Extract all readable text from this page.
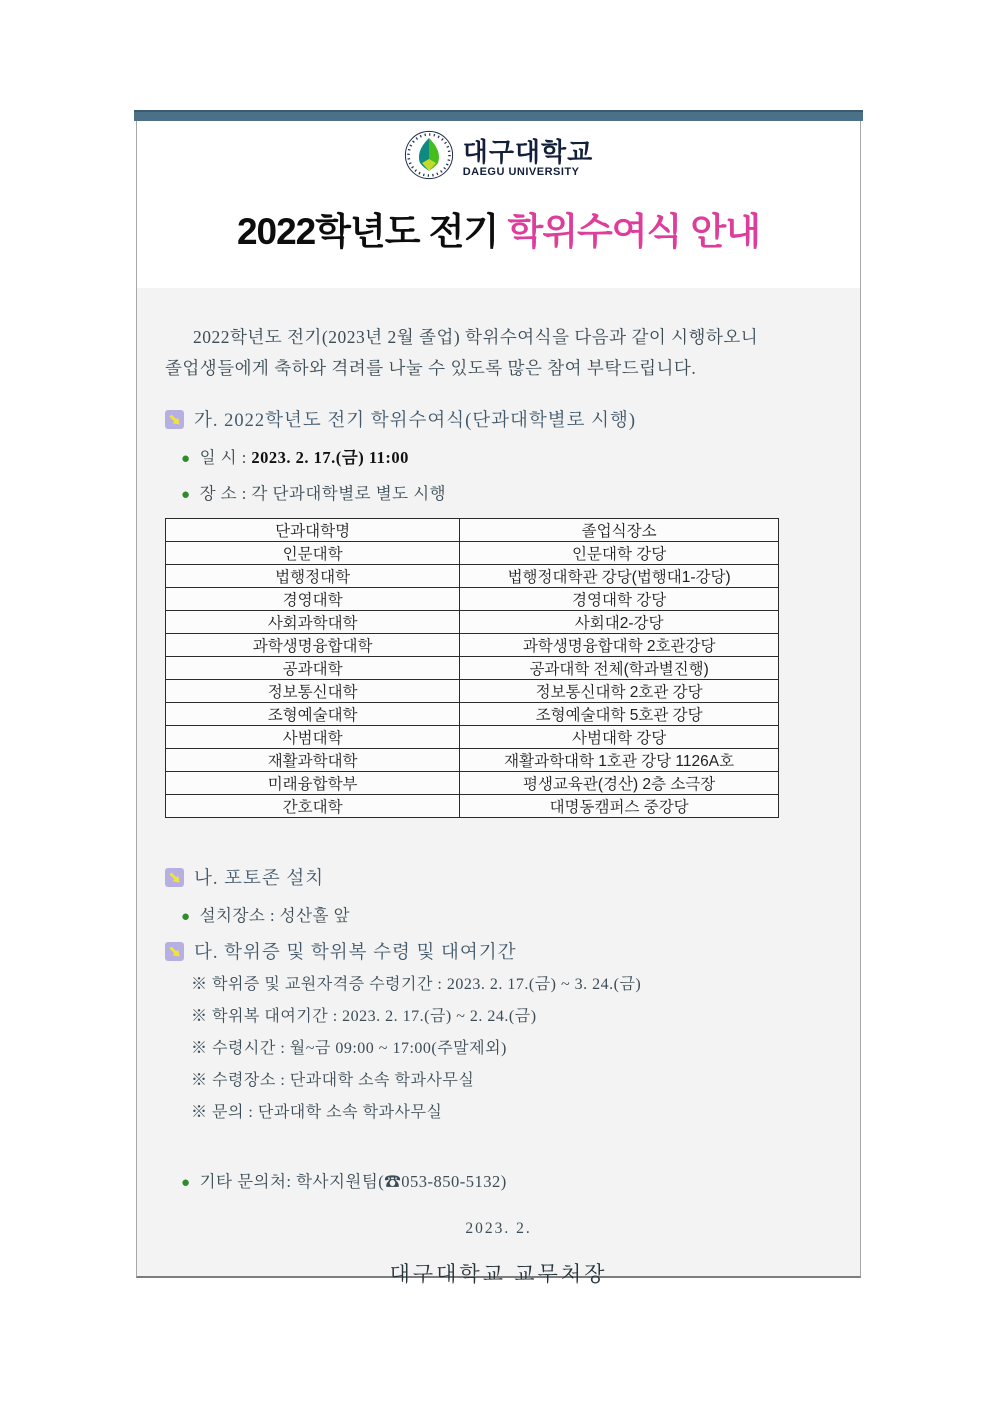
대구대학교
DAEGU UNIVERSITY
2022학년도 전기 학위수여식 안내

2022학년도 전기(2023년 2월 졸업) 학위수여식을 다음과 같이 시행하오니
졸업생들에게 축하와 격려를 나눌 수 있도록 많은 참여 부탁드립니다.

가. 2022학년도 전기 학위수여식(단과대학별로 시행)
● 일 시 : 2023. 2. 17.(금) 11:00
● 장 소 : 각 단과대학별로 별도 시행
단과대학명	졸업식장소
인문대학	인문대학 강당
법행정대학	법행정대학관 강당(법행대1-강당)
경영대학	경영대학 강당
사회과학대학	사회대2-강당
과학생명융합대학	과학생명융합대학 2호관강당
공과대학	공과대학 전체(학과별진행)
정보통신대학	정보통신대학 2호관 강당
조형예술대학	조형예술대학 5호관 강당
사범대학	사범대학 강당
재활과학대학	재활과학대학 1호관 강당 1126A호
미래융합학부	평생교육관(경산) 2층 소극장
간호대학	대명동캠퍼스 중강당
나. 포토존 설치
● 설치장소 : 성산홀 앞
다. 학위증 및 학위복 수령 및 대여기간
※ 학위증 및 교원자격증 수령기간 : 2023. 2. 17.(금) ~ 3. 24.(금)
※ 학위복 대여기간 : 2023. 2. 17.(금) ~ 2. 24.(금)
※ 수령시간 : 월~금 09:00 ~ 17:00(주말제외)
※ 수령장소 : 단과대학 소속 학과사무실
※ 문의 : 단과대학 소속 학과사무실
● 기타 문의처: 학사지원팀(☎053-850-5132)
2023. 2.
대구대학교 교무처장
